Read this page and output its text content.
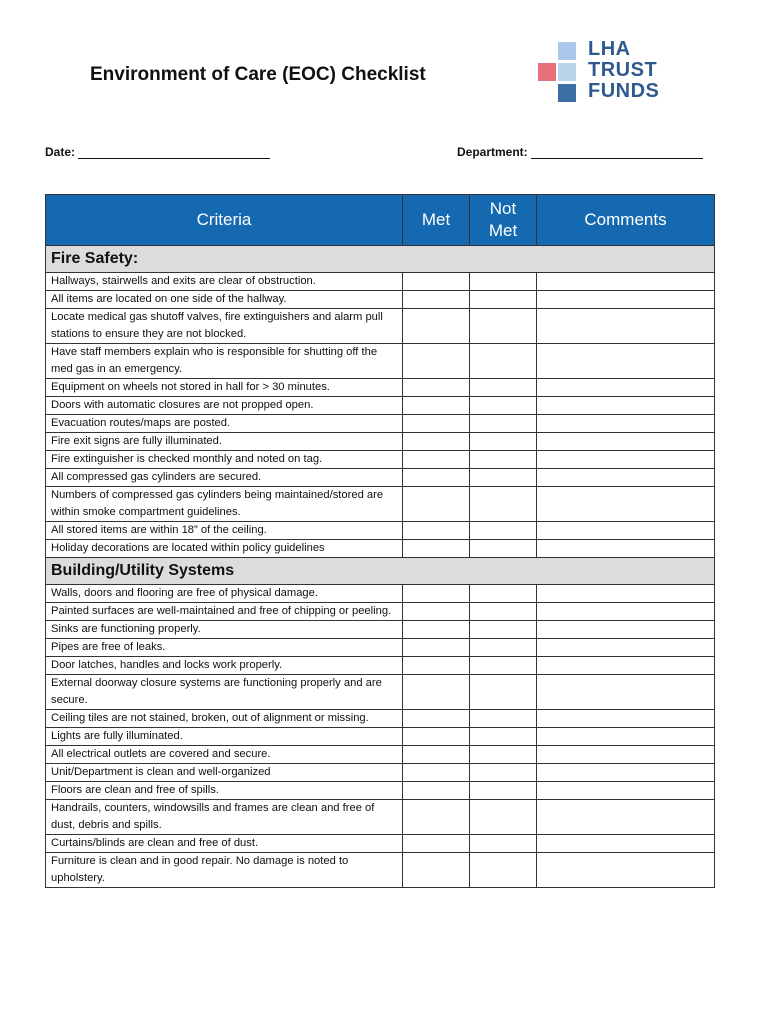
Environment of Care (EOC) Checklist
LHA
TRUST
FUNDS
Date:	Department:
Criteria	Met	Not Met	Comments
Fire Safety:			
Hallways, stairwells and exits are clear of obstruction.			
All items are located on one side of the hallway.			
Locate medical gas shutoff valves, fire extinguishers and alarm pull stations to ensure they are not blocked.			
Have staff members explain who is responsible for shutting off the med gas in an emergency.			
Equipment on wheels not stored in hall for > 30 minutes.			
Doors with automatic closures are not propped open.			
Evacuation routes/maps are posted.			
Fire exit signs are fully illuminated.			
Fire extinguisher is checked monthly and noted on tag.			
All compressed gas cylinders are secured.			
Numbers of compressed gas cylinders being maintained/stored are within smoke compartment guidelines.			
All stored items are within 18” of the ceiling.			
Holiday decorations are located within policy guidelines			
Building/Utility Systems			
Walls, doors and flooring are free of physical damage.			
Painted surfaces are well-maintained and free of chipping or peeling.			
Sinks are functioning properly.			
Pipes are free of leaks.			
Door latches, handles and locks work properly.			
External doorway closure systems are functioning properly and are secure.			
Ceiling tiles are not stained, broken, out of alignment or missing.			
Lights are fully illuminated.			
All electrical outlets are covered and secure.			
Unit/Department is clean and well-organized			
Floors are clean and free of spills.			
Handrails, counters, windowsills and frames are clean and free of dust, debris and spills.			
Curtains/blinds are clean and free of dust.			
Furniture is clean and in good repair. No damage is noted to upholstery.			
